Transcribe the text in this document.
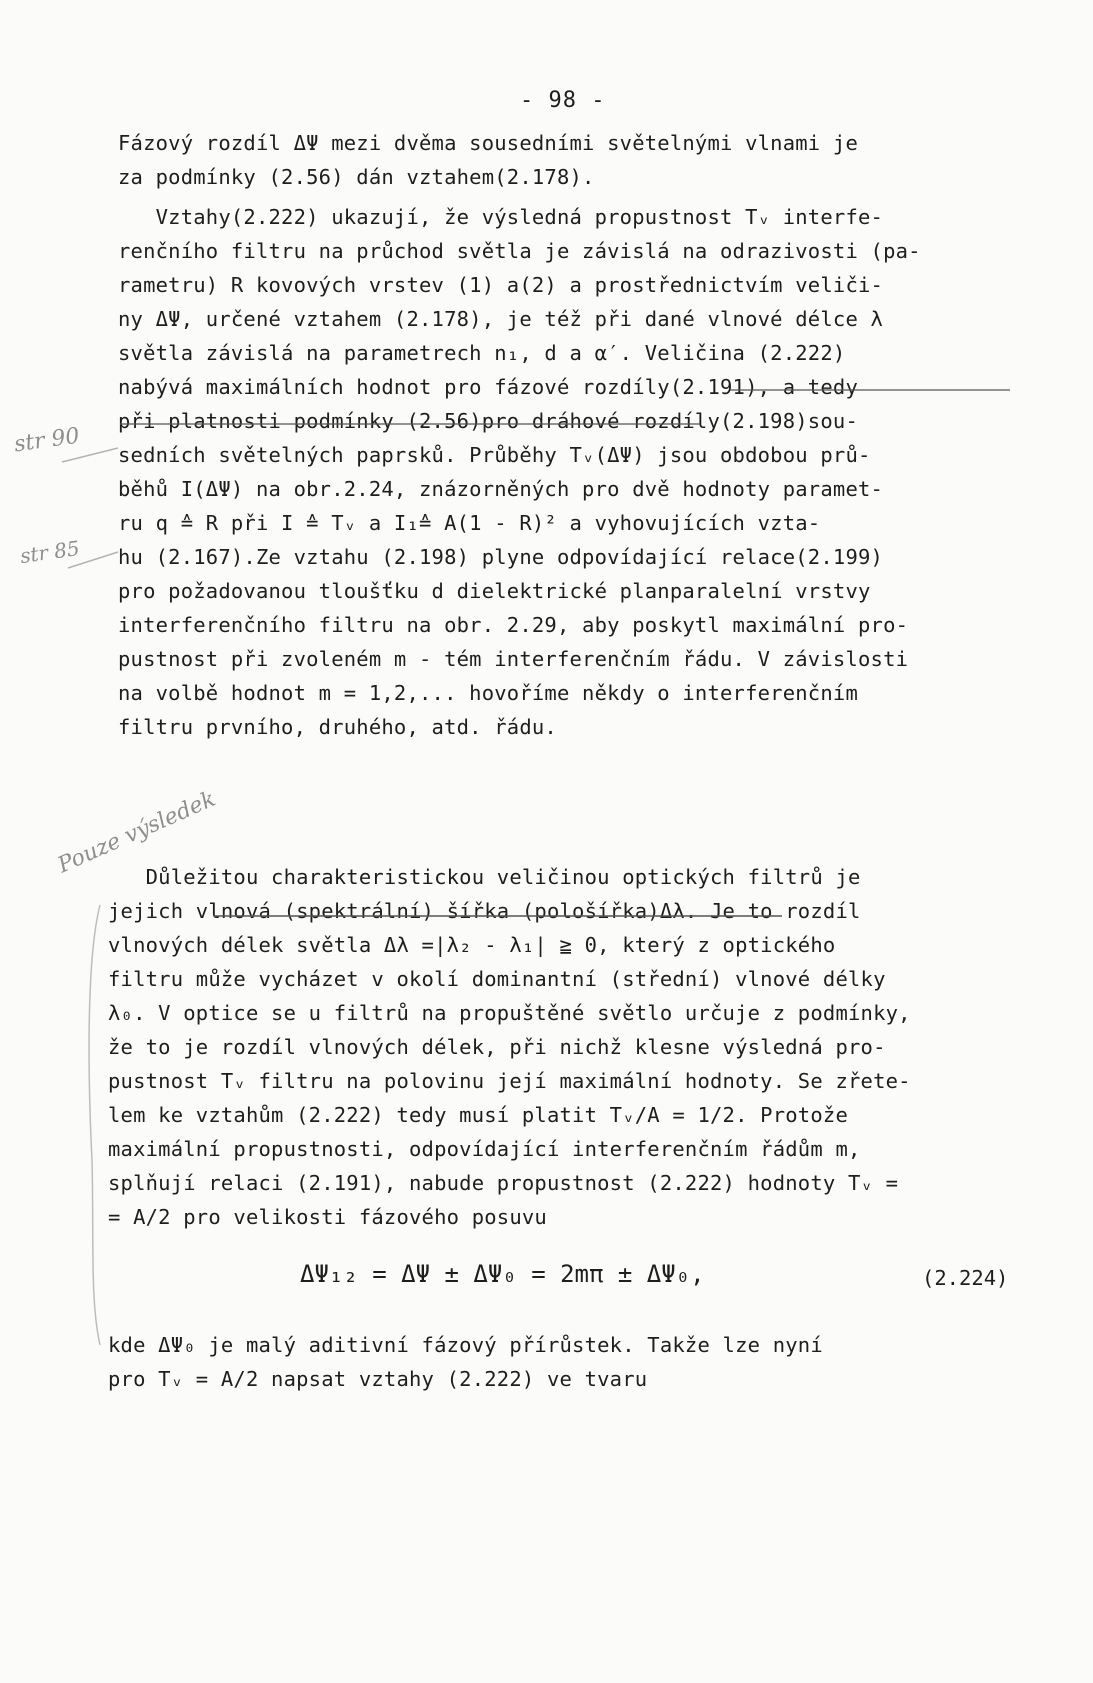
- 98 -
Fázový rozdíl ΔΨ mezi dvěma sousedními světelnými vlnami je
za podmínky (2.56) dán vztahem(2.178).
Vztahy(2.222) ukazují, že výsledná propustnost Tᵥ interfe-
renčního filtru na průchod světla je závislá na odrazivosti (pa-
rametru) R kovových vrstev (1) a(2) a prostřednictvím veliči-
ny ΔΨ, určené vztahem (2.178), je též při dané vlnové délce λ
světla závislá na parametrech n₁, d a α′. Veličina (2.222)
nabývá maximálních hodnot pro fázové rozdíly(2.191), a tedy
při platnosti podmínky (2.56)pro dráhové rozdíly(2.198)sou-
sedních světelných paprsků. Průběhy Tᵥ(ΔΨ) jsou obdobou prů-
běhů I(ΔΨ) na obr.2.24, znázorněných pro dvě hodnoty paramet-
ru q ≙ R při I ≙ Tᵥ a I₁≙ A(1 - R)² a vyhovujících vzta-
hu (2.167).Ze vztahu (2.198) plyne odpovídající relace(2.199)
pro požadovanou tloušťku d dielektrické planparalelní vrstvy
interferenčního filtru na obr. 2.29, aby poskytl maximální pro-
pustnost při zvoleném m - tém interferenčním řádu. V závislosti
na volbě hodnot m = 1,2,... hovoříme někdy o interferenčním
filtru prvního, druhého, atd. řádu.
Důležitou charakteristickou veličinou optických filtrů je
jejich vlnová (spektrální) šířka (pološířka)Δλ. Je to rozdíl
vlnových délek světla Δλ =|λ₂ - λ₁| ≧ 0, který z optického
filtru může vycházet v okolí dominantní (střední) vlnové délky
λ₀. V optice se u filtrů na propuštěné světlo určuje z podmínky,
že to je rozdíl vlnových délek, při nichž klesne výsledná pro-
pustnost Tᵥ filtru na polovinu její maximální hodnoty. Se zřete-
lem ke vztahům (2.222) tedy musí platit Tᵥ/A = 1/2. Protože
maximální propustnosti, odpovídající interferenčním řádům m,
splňují relaci (2.191), nabude propustnost (2.222) hodnoty Tᵥ =
= A/2 pro velikosti fázového posuvu
ΔΨ₁₂ = ΔΨ ± ΔΨ₀ = 2mπ ± ΔΨ₀,	(2.224)
kde ΔΨ₀ je malý aditivní fázový přírůstek. Takže lze nyní
pro Tᵥ = A/2 napsat vztahy (2.222) ve tvaru
str 90
str 85
Pouze výsledek
